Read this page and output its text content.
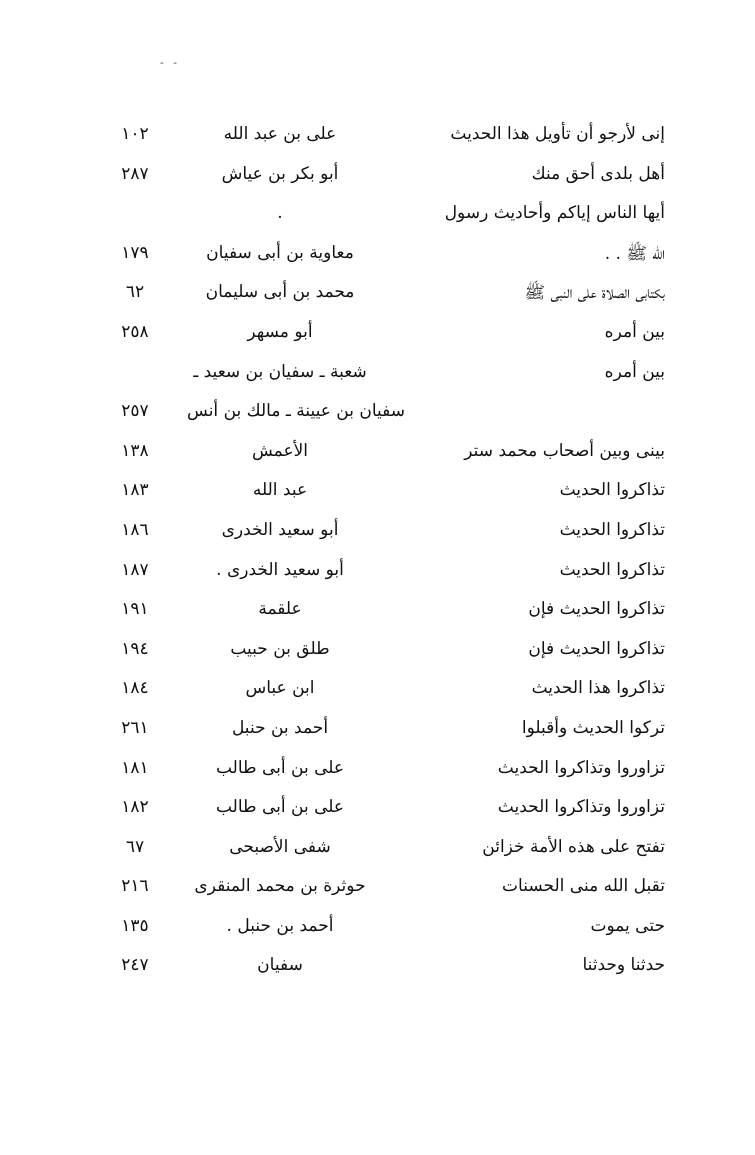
- -
إنى لأرجو أن تأويل هذا الحديث
على بن عبد الله
١٠٢
أهل بلدى أحق منك
أبو بكر بن عياش
٢٨٧
أيها الناس إياكم وأحاديث رسول
.
الله ﷺ . .
معاوية بن أبى سفيان
١٧٩
بكتابى الصلاة على النبى ﷺ
محمد بن أبى سليمان
٦٢
بين أمره
أبو مسهر
٢٥٨
بين أمره
شعبة ـ سفيان بن سعيد ـ
سفيان بن عيينة ـ مالك بن أنس
٢٥٧
بينى وبين أصحاب محمد ستر
الأعمش
١٣٨
تذاكروا الحديث
عبد الله
١٨٣
تذاكروا الحديث
أبو سعيد الخدرى
١٨٦
تذاكروا الحديث
أبو سعيد الخدرى .
١٨٧
تذاكروا الحديث فإن
علقمة
١٩١
تذاكروا الحديث فإن
طلق بن حبيب
١٩٤
تذاكروا هذا الحديث
ابن عباس
١٨٤
تركوا الحديث وأقبلوا
أحمد بن حنبل
٢٦١
تزاوروا وتذاكروا الحديث
على بن أبى طالب
١٨١
تزاوروا وتذاكروا الحديث
على بن أبى طالب
١٨٢
تفتح على هذه الأمة خزائن
شفى الأصبحى
٦٧
تقبل الله منى الحسنات
حوثرة بن محمد المنقرى
٢١٦
حتى يموت
أحمد بن حنبل .
١٣٥
حدثنا وحدثنا
سفيان
٢٤٧
